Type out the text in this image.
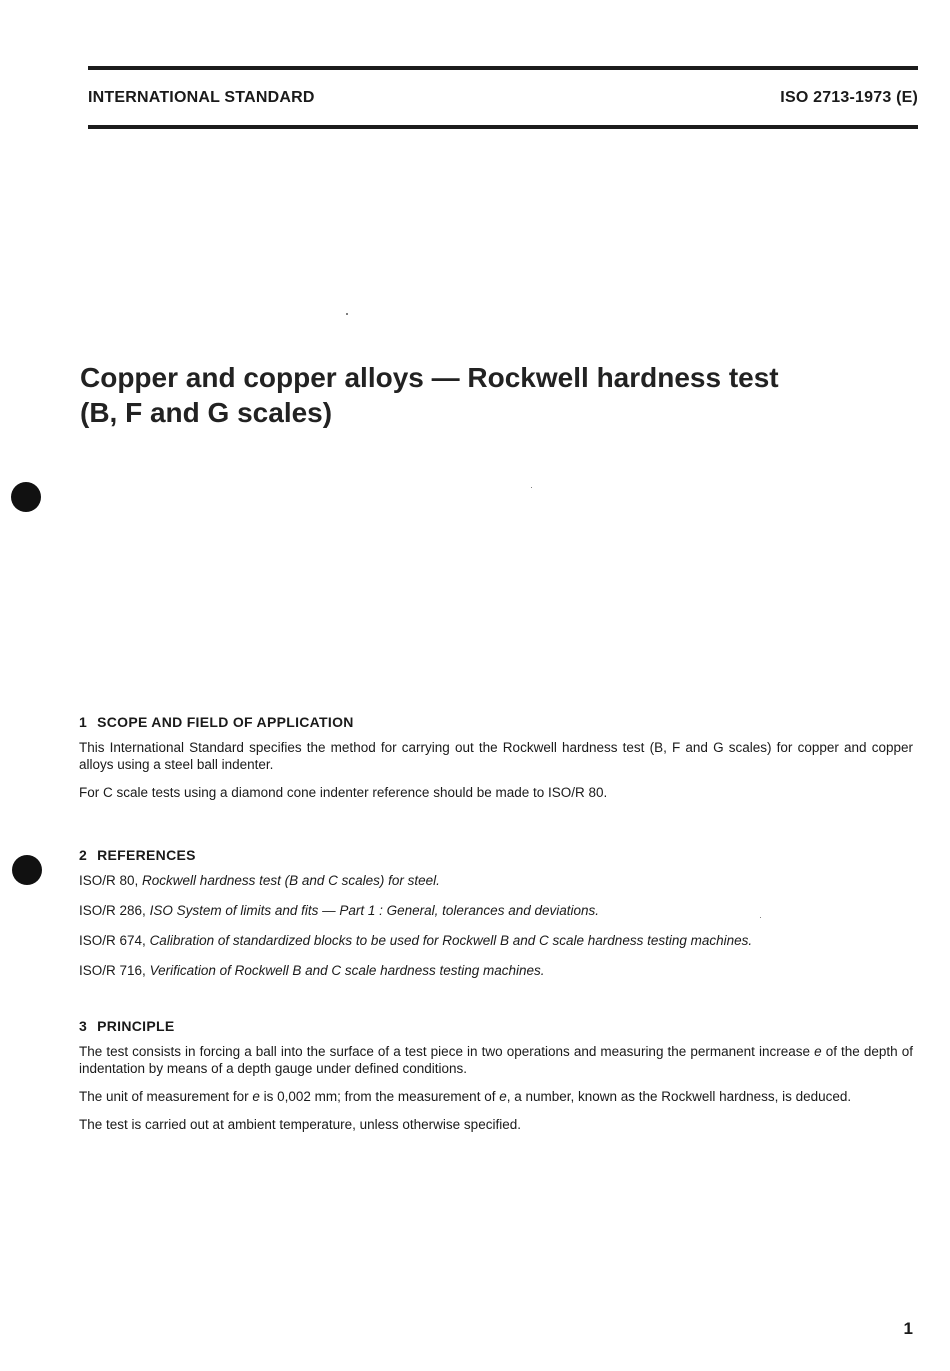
INTERNATIONAL STANDARD	ISO 2713-1973 (E)
Copper and copper alloys — Rockwell hardness test
(B, F and G scales)
1 SCOPE AND FIELD OF APPLICATION

This International Standard specifies the method for carrying out the Rockwell hardness test (B, F and G scales) for copper and copper alloys using a steel ball indenter.

For C scale tests using a diamond cone indenter reference should be made to ISO/R 80.

2 REFERENCES

ISO/R 80, Rockwell hardness test (B and C scales) for steel.

ISO/R 286, ISO System of limits and fits — Part 1 : General, tolerances and deviations.

ISO/R 674, Calibration of standardized blocks to be used for Rockwell B and C scale hardness testing machines.

ISO/R 716, Verification of Rockwell B and C scale hardness testing machines.

3 PRINCIPLE

The test consists in forcing a ball into the surface of a test piece in two operations and measuring the permanent increase e of the depth of indentation by means of a depth gauge under defined conditions.

The unit of measurement for e is 0,002 mm; from the measurement of e, a number, known as the Rockwell hardness, is deduced.

The test is carried out at ambient temperature, unless otherwise specified.

1
